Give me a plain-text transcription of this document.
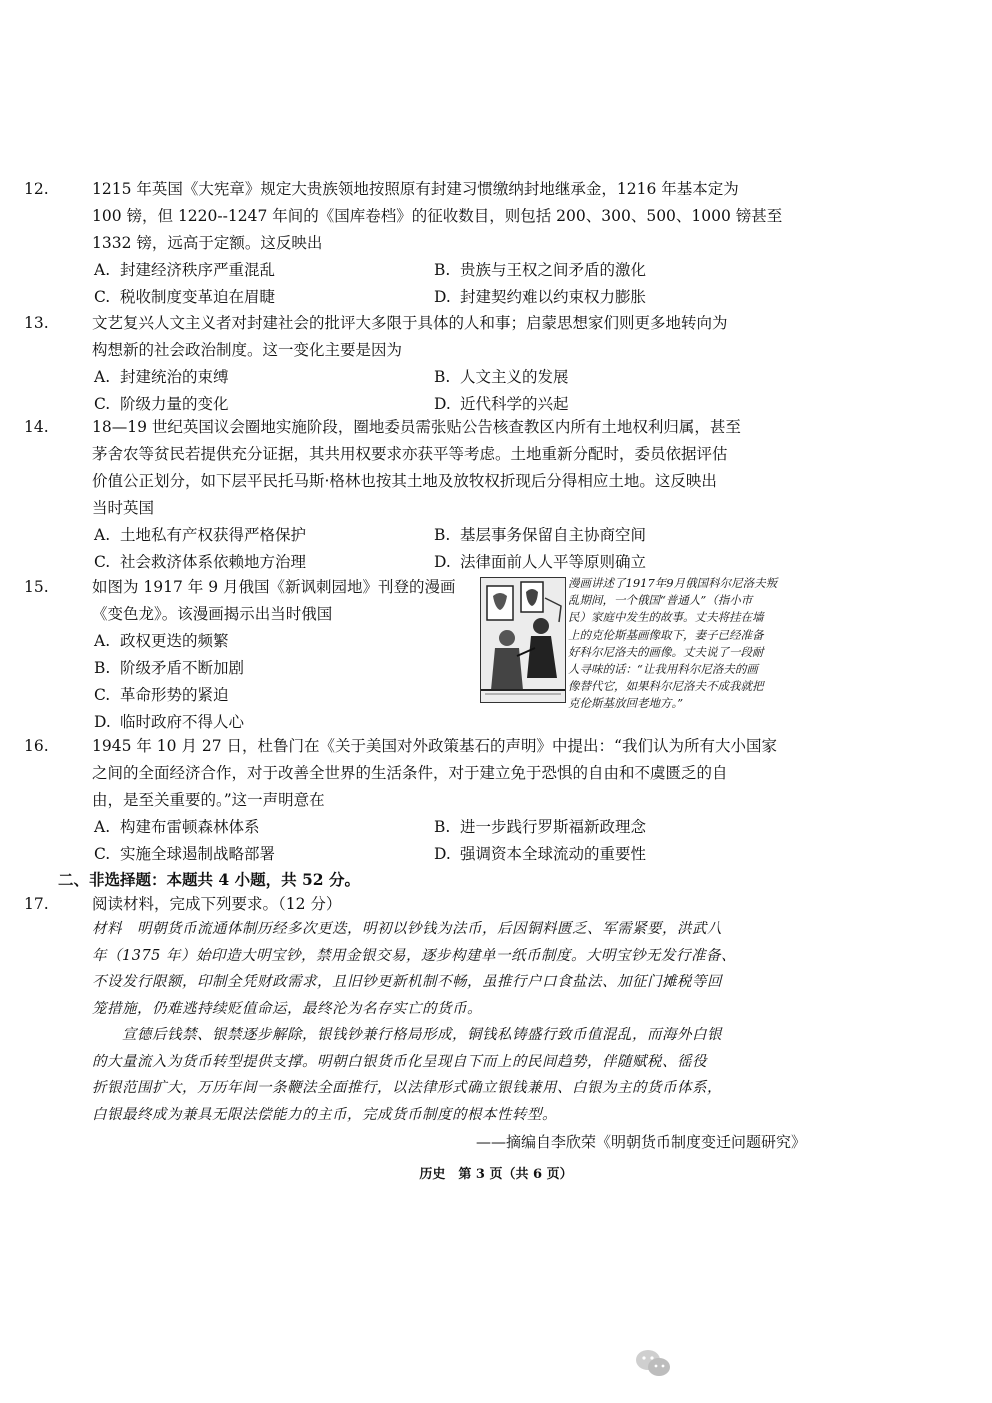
12.	1215 年英国《大宪章》规定大贵族领地按照原有封建习惯缴纳封地继承金，1216 年基本定为

100 镑，但 1220--1247 年间的《国库卷档》的征收数目，则包括 200、300、500、1000 镑甚至

1332 镑，远高于定额。这反映出

A. 封建经济秩序严重混乱	B. 贵族与王权之间矛盾的激化
C. 税收制度变革迫在眉睫	D. 封建契约难以约束权力膨胀

13.	文艺复兴人文主义者对封建社会的批评大多限于具体的人和事；启蒙思想家们则更多地转向为

构想新的社会政治制度。这一变化主要是因为

A. 封建统治的束缚	B. 人文主义的发展
C. 阶级力量的变化	D. 近代科学的兴起

14.	18—19 世纪英国议会圈地实施阶段，圈地委员需张贴公告核查教区内所有土地权利归属，甚至

茅舍农等贫民若提供充分证据，其共用权要求亦获平等考虑。土地重新分配时，委员依据评估

价值公正划分，如下层平民托马斯·格林也按其土地及放牧权折现后分得相应土地。这反映出

当时英国

A. 土地私有产权获得严格保护	B. 基层事务保留自主协商空间
C. 社会救济体系依赖地方治理	D. 法律面前人人平等原则确立

15.	如图为 1917 年 9 月俄国《新讽刺园地》刊登的漫画

《变色龙》。该漫画揭示出当时俄国

A. 政权更迭的频繁
B. 阶级矛盾不断加剧
C. 革命形势的紧迫
D. 临时政府不得人心
漫画讲述了1917年9月俄国科尔尼洛夫叛
乱期间，一个俄国“普通人”（指小市
民）家庭中发生的故事。丈夫将挂在墙
上的克伦斯基画像取下，妻子已经准备
好科尔尼洛夫的画像。丈夫说了一段耐
人寻味的话：“让我用科尔尼洛夫的画
像替代它，如果科尔尼洛夫不成我就把
克伦斯基放回老地方。”

16.	1945 年 10 月 27 日，杜鲁门在《关于美国对外政策基石的声明》中提出：“我们认为所有大小国家

之间的全面经济合作，对于改善全世界的生活条件，对于建立免于恐惧的自由和不虞匮乏的自

由，是至关重要的。”这一声明意在

A. 构建布雷顿森林体系	B. 进一步践行罗斯福新政理念
C. 实施全球遏制战略部署	D. 强调资本全球流动的重要性
二、非选择题：本题共 4 小题，共 52 分。

17.	阅读材料，完成下列要求。（12 分）

材料　明朝货币流通体制历经多次更迭，明初以钞钱为法币，后因铜料匮乏、军需紧要，洪武八

年（1375 年）始印造大明宝钞，禁用金银交易，逐步构建单一纸币制度。大明宝钞无发行准备、

不设发行限额，印制全凭财政需求，且旧钞更新机制不畅，虽推行户口食盐法、加征门摊税等回

笼措施，仍难逃持续贬值命运，最终沦为名存实亡的货币。

　　宣德后钱禁、银禁逐步解除，银钱钞兼行格局形成，铜钱私铸盛行致币值混乱，而海外白银

的大量流入为货币转型提供支撑。明朝白银货币化呈现自下而上的民间趋势，伴随赋税、徭役

折银范围扩大，万历年间一条鞭法全面推行，以法律形式确立银钱兼用、白银为主的货币体系，

白银最终成为兼具无限法偿能力的主币，完成货币制度的根本性转型。

——摘编自李欣荣《明朝货币制度变迁问题研究》
历史　第 3 页（共 6 页）
